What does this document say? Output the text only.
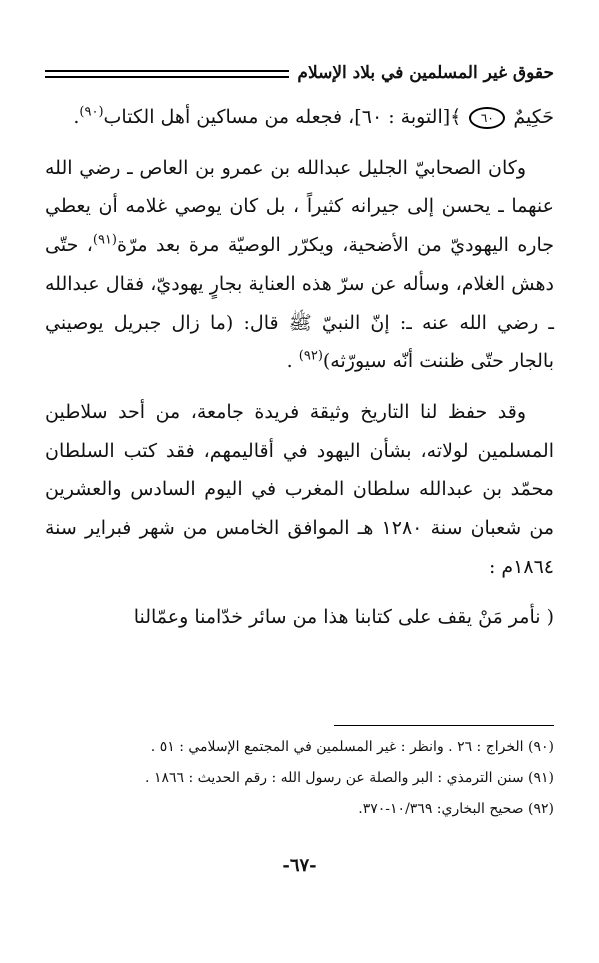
حقوق غير المسلمين في بلاد الإسلام

حَكِيمٌ ٦٠ ﴾[التوبة : ٦٠]، فجعله من مساكين أهل الكتاب$^{(٩٠)}$.

وكان الصحابيّ الجليل عبدالله بن عمرو بن العاص ـ رضي الله عنهما ـ يحسن إلى جيرانه كثيراً ، بل كان يوصي غلامه أن يعطي جاره اليهوديّ من الأضحية، ويكرّر الوصيّة مرة بعد مرّة$^{(٩١)}$، حتّى دهش الغلام، وسأله عن سرّ هذه العناية بجارٍ يهوديّ، فقال عبدالله ـ رضي الله عنه ـ: إنّ النبيّ ﷺ قال: (ما زال جبريل يوصيني بالجار حتّى ظننت أنّه سيورّثه)$^{(٩٢)}$ .

وقد حفظ لنا التاريخ وثيقة فريدة جامعة، من أحد سلاطين المسلمين لولاته، بشأن اليهود في أقاليمهم، فقد كتب السلطان محمّد بن عبدالله سلطان المغرب في اليوم السادس والعشرين من شعبان سنة ١٢٨٠ هـ الموافق الخامس من شهر فبراير سنة ١٨٦٤م :

( نأمر مَنْ يقف على كتابنا هذا من سائر خدّامنا وعمّالنا

(٩٠) الخراج : ٢٦ . وانظر : غير المسلمين في المجتمع الإسلامي : ٥١ .

(٩١) سنن الترمذي : البر والصلة عن رسول الله : رقم الحديث : ١٨٦٦ .

(٩٢) صحيح البخاري: ١٠/٣٦٩-٣٧٠.

-٦٧-
